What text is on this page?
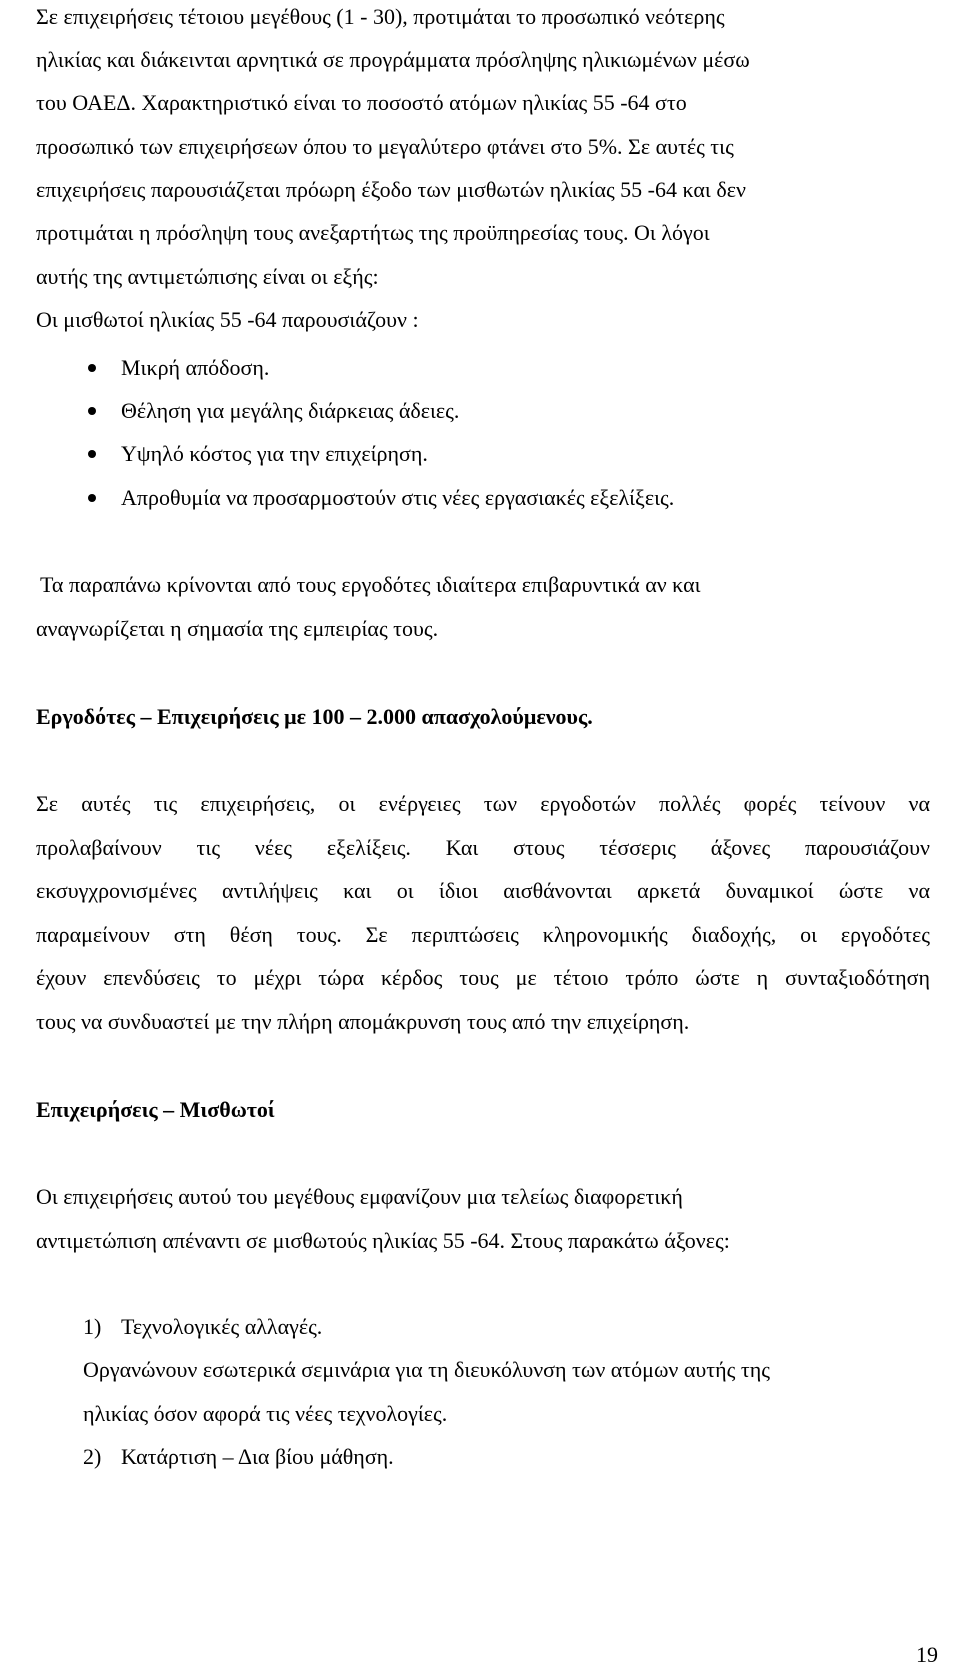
Σε επιχειρήσεις τέτοιου μεγέθους (1 - 30), προτιμάται το προσωπικό νεότερης
ηλικίας και διάκεινται αρνητικά σε προγράμματα πρόσληψης ηλικιωμένων μέσω
του ΟΑΕΔ. Χαρακτηριστικό είναι το ποσοστό ατόμων ηλικίας 55 -64 στο
προσωπικό των επιχειρήσεων όπου το μεγαλύτερο φτάνει στο 5%. Σε αυτές τις
επιχειρήσεις παρουσιάζεται πρόωρη έξοδο των μισθωτών ηλικίας 55 -64 και δεν
προτιμάται η πρόσληψη τους ανεξαρτήτως της προϋπηρεσίας τους. Οι λόγοι
αυτής της αντιμετώπισης είναι οι εξής:
Οι μισθωτοί ηλικίας 55 -64 παρουσιάζουν :
Μικρή απόδοση.
Θέληση για μεγάλης διάρκειας άδειες.
Υψηλό κόστος για την επιχείρηση.
Απροθυμία να προσαρμοστούν στις νέες εργασιακές εξελίξεις.
Τα παραπάνω κρίνονται από τους εργοδότες ιδιαίτερα επιβαρυντικά αν και
αναγνωρίζεται η σημασία της εμπειρίας τους.
Εργοδότες – Επιχειρήσεις με 100 – 2.000 απασχολούμενους.
Σε αυτές τις επιχειρήσεις, οι ενέργειες των εργοδοτών πολλές φορές τείνουν να
προλαβαίνουν τις νέες εξελίξεις. Και στους τέσσερις άξονες παρουσιάζουν
εκσυγχρονισμένες αντιλήψεις και οι ίδιοι αισθάνονται αρκετά δυναμικοί ώστε να
παραμείνουν στη θέση τους. Σε περιπτώσεις κληρονομικής διαδοχής, οι εργοδότες
έχουν επενδύσεις το μέχρι τώρα κέρδος τους με τέτοιο τρόπο ώστε η συνταξιοδότηση
τους να συνδυαστεί με την πλήρη απομάκρυνση τους από την επιχείρηση.
Επιχειρήσεις – Μισθωτοί
Οι επιχειρήσεις αυτού του μεγέθους εμφανίζουν μια τελείως διαφορετική
αντιμετώπιση απέναντι σε μισθωτούς ηλικίας 55 -64. Στους παρακάτω άξονες:
1) Τεχνολογικές αλλαγές.
Οργανώνουν εσωτερικά σεμινάρια για τη διευκόλυνση των ατόμων αυτής της
ηλικίας όσον αφορά τις νέες τεχνολογίες.
2) Κατάρτιση – Δια βίου μάθηση.
19
